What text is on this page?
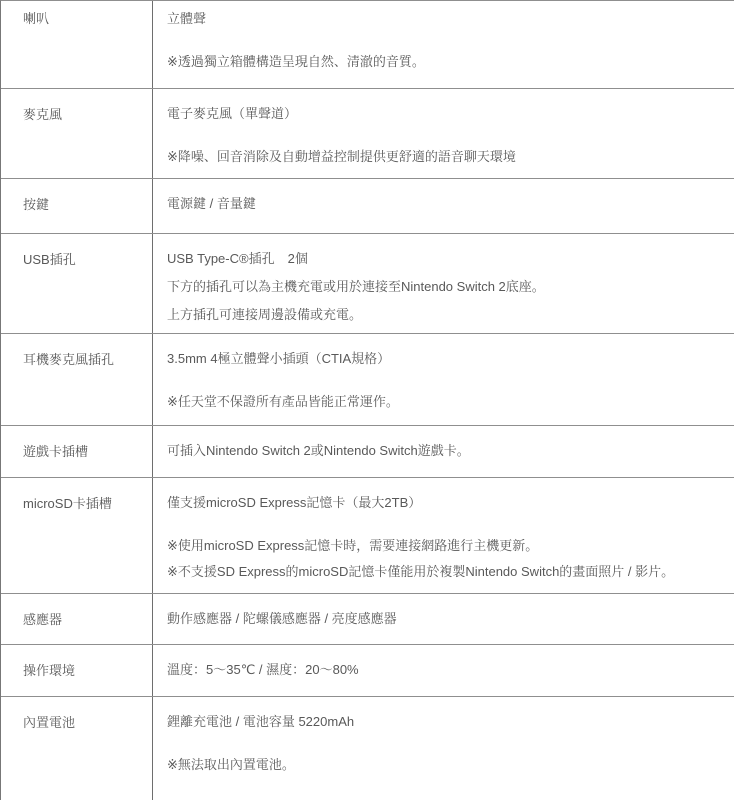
喇叭	立體聲

※透過獨立箱體構造呈現自然、清澈的音質。

麥克風	電子麥克風（單聲道）

※降噪、回音消除及自動增益控制提供更舒適的語音聊天環境

按鍵	電源鍵 / 音量鍵

USB插孔	USB Type-C®插孔　2個

下方的插孔可以為主機充電或用於連接至Nintendo Switch 2底座。

上方插孔可連接周邊設備或充電。

耳機麥克風插孔	3.5mm 4極立體聲小插頭（CTIA規格）

※任天堂不保證所有產品皆能正常運作。

遊戲卡插槽	可插入Nintendo Switch 2或Nintendo Switch遊戲卡。

microSD卡插槽	僅支援microSD Express記憶卡（最大2TB）

※使用microSD Express記憶卡時，需要連接網路進行主機更新。

※不支援SD Express的microSD記憶卡僅能用於複製Nintendo Switch的畫面照片 / 影片。

感應器	動作感應器 / 陀螺儀感應器 / 亮度感應器

操作環境	溫度：5～35℃ / 濕度：20～80%

內置電池	鋰離充電池 / 電池容量 5220mAh

※無法取出內置電池。
